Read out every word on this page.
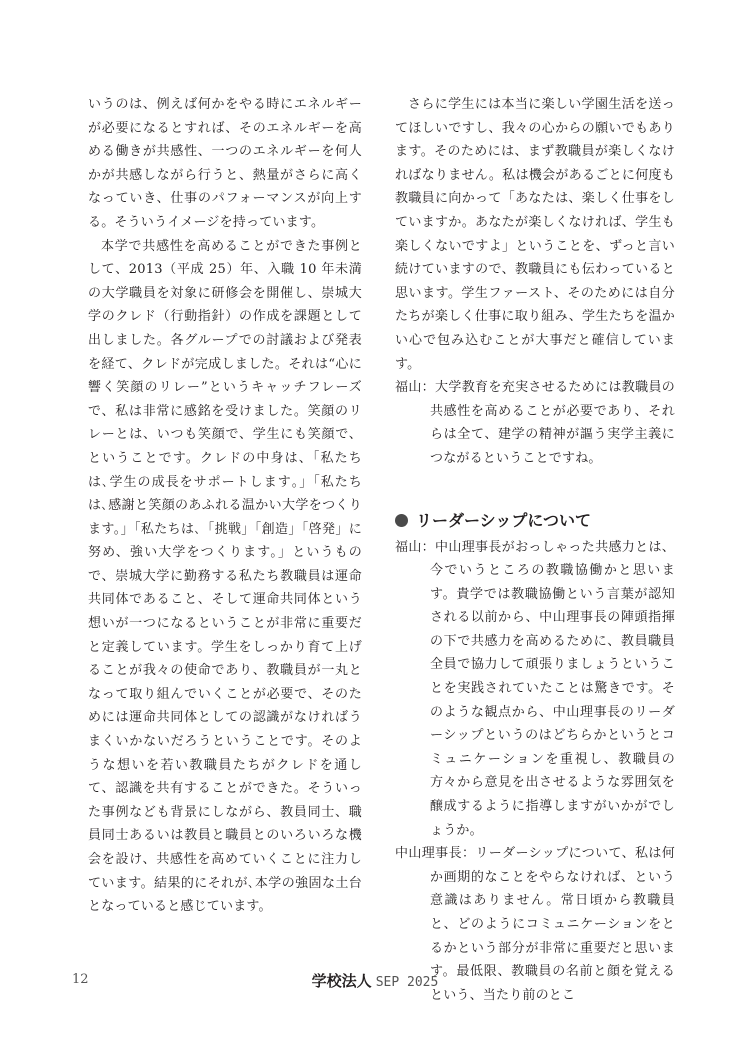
いうのは、例えば何かをやる時にエネルギーが必要になるとすれば、そのエネルギーを高める働きが共感性、一つのエネルギーを何人かが共感しながら行うと、熱量がさらに高くなっていき、仕事のパフォーマンスが向上する。そういうイメージを持っています。

本学で共感性を高めることができた事例として、2013（平成 25）年、入職 10 年未満の大学職員を対象に研修会を開催し、崇城大学のクレド（行動指針）の作成を課題として出しました。各グループでの討議および発表を経て、クレドが完成しました。それは“心に響く笑顔のリレー”というキャッチフレーズで、私は非常に感銘を受けました。笑顔のリレーとは、いつも笑顔で、学生にも笑顔で、ということです。クレドの中身は、「私たちは､学生の成長をサポートします｡」「私たちは､感謝と笑顔のあふれる温かい大学をつくります。」「私たちは､「挑戦」「創造」「啓発」に努め、強い大学をつくります。」というもので、崇城大学に勤務する私たち教職員は運命共同体であること、そして運命共同体という想いが一つになるということが非常に重要だと定義しています。学生をしっかり育て上げることが我々の使命であり、教職員が一丸となって取り組んでいくことが必要で、そのためには運命共同体としての認識がなければうまくいかないだろうということです。そのような想いを若い教職員たちがクレドを通して、認識を共有することができた。そういった事例なども背景にしながら、教員同士、職員同士あるいは教員と職員とのいろいろな機会を設け、共感性を高めていくことに注力しています。結果的にそれが､本学の強固な土台となっていると感じています。

さらに学生には本当に楽しい学園生活を送ってほしいですし、我々の心からの願いでもあります。そのためには、まず教職員が楽しくなければなりません。私は機会があるごとに何度も教職員に向かって「あなたは、楽しく仕事をしていますか。あなたが楽しくなければ、学生も楽しくないですよ」ということを、ずっと言い続けていますので、教職員にも伝わっていると思います。学生ファースト、そのためには自分たちが楽しく仕事に取り組み、学生たちを温かい心で包み込むことが大事だと確信しています。

福山：大学教育を充実させるためには教職員の共感性を高めることが必要であり、それらは全て、建学の精神が謳う実学主義につながるということですね。

リーダーシップについて

福山：中山理事長がおっしゃった共感力とは、今でいうところの教職協働かと思います。貴学では教職協働という言葉が認知される以前から、中山理事長の陣頭指揮の下で共感力を高めるために、教員職員全員で協力して頑張りましょうということを実践されていたことは驚きです。そのような観点から、中山理事長のリーダーシップというのはどちらかというとコミュニケーションを重視し、教職員の方々から意見を出させるような雰囲気を醸成するように指導しますがいかがでしょうか。

中山理事長：リーダーシップについて、私は何か画期的なことをやらなければ、という意識はありません。常日頃から教職員と、どのようにコミュニケーションをとるかという部分が非常に重要だと思います。最低限、教職員の名前と顔を覚えるという、当たり前のとこ

12	学校法人 SEP 2025
